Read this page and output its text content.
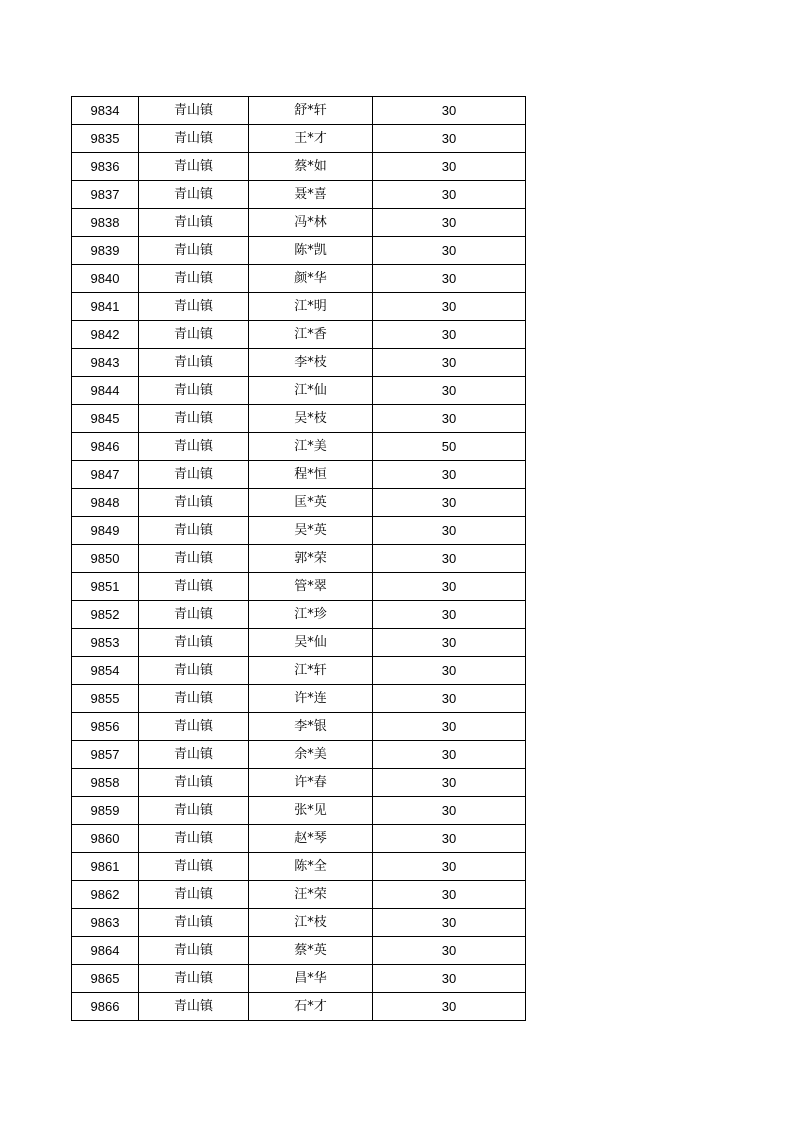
9834	青山镇	舒*轩	30
9835	青山镇	王*才	30
9836	青山镇	蔡*如	30
9837	青山镇	聂*喜	30
9838	青山镇	冯*林	30
9839	青山镇	陈*凯	30
9840	青山镇	颜*华	30
9841	青山镇	江*明	30
9842	青山镇	江*香	30
9843	青山镇	李*枝	30
9844	青山镇	江*仙	30
9845	青山镇	吴*枝	30
9846	青山镇	江*美	50
9847	青山镇	程*恒	30
9848	青山镇	匡*英	30
9849	青山镇	吴*英	30
9850	青山镇	郭*荣	30
9851	青山镇	管*翠	30
9852	青山镇	江*珍	30
9853	青山镇	吴*仙	30
9854	青山镇	江*轩	30
9855	青山镇	许*连	30
9856	青山镇	李*银	30
9857	青山镇	余*美	30
9858	青山镇	许*春	30
9859	青山镇	张*见	30
9860	青山镇	赵*琴	30
9861	青山镇	陈*全	30
9862	青山镇	汪*荣	30
9863	青山镇	江*枝	30
9864	青山镇	蔡*英	30
9865	青山镇	昌*华	30
9866	青山镇	石*才	30
